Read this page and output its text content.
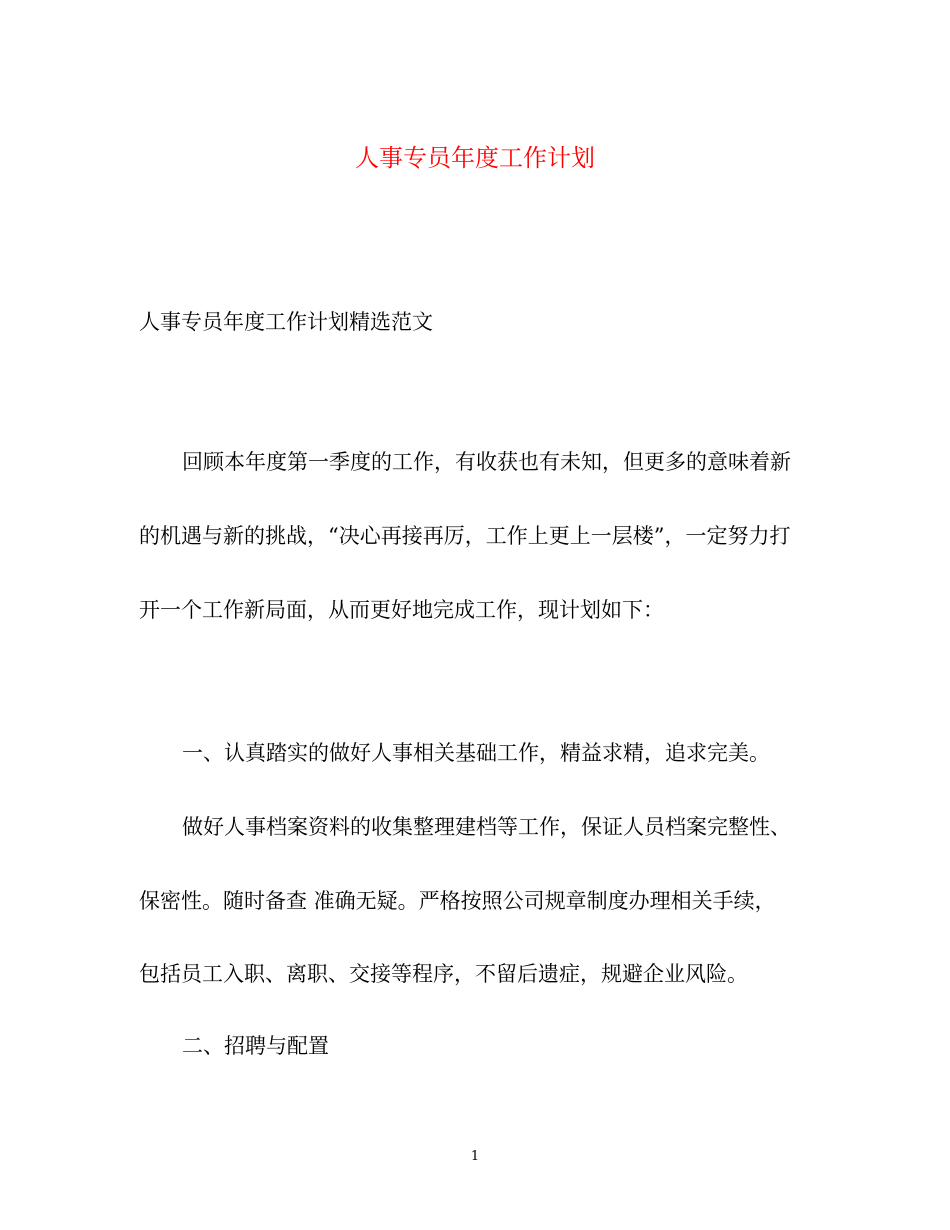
人事专员年度工作计划

人事专员年度工作计划精选范文

回顾本年度第一季度的工作，有收获也有未知，但更多的意味着新

的机遇与新的挑战，“决心再接再厉，工作上更上一层楼”，一定努力打

开一个工作新局面，从而更好地完成工作，现计划如下：

一、认真踏实的做好人事相关基础工作，精益求精，追求完美。

做好人事档案资料的收集整理建档等工作，保证人员档案完整性、

保密性。随时备查 准确无疑。严格按照公司规章制度办理相关手续，

包括员工入职、离职、交接等程序，不留后遗症，规避企业风险。

二、招聘与配置

1
